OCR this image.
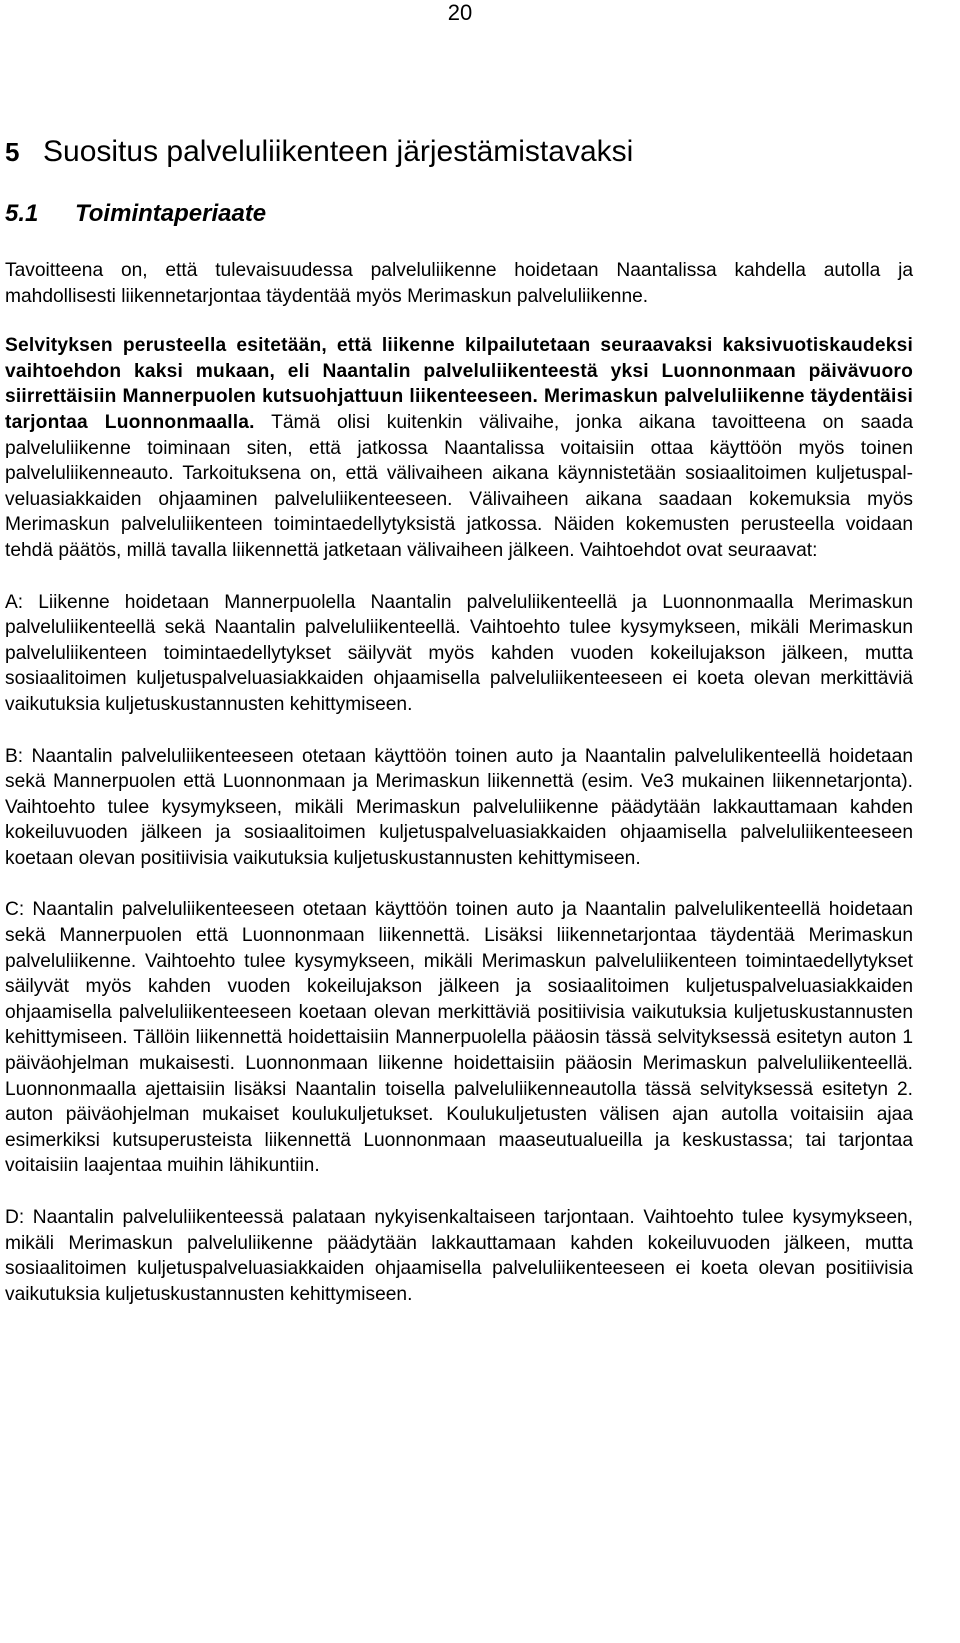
20
5 Suositus palveluliikenteen järjestämistavaksi
5.1 Toimintaperiaate

Tavoitteena on, että tulevaisuudessa palveluliikenne hoidetaan Naantalissa kahdella autolla ja mahdollisesti liikennetarjontaa täydentää myös Merimaskun palveluliikenne.

Selvityksen perusteella esitetään, että liikenne kilpailutetaan seuraavaksi kaksivuotiskaudeksi vaihtoehdon kaksi mukaan, eli Naantalin palveluliikenteestä yksi Luonnonmaan päivävuoro siirrettäisiin Mannerpuolen kutsuohjattuun liikenteeseen. Merimaskun palveluliikenne täydentäisi tarjontaa Luonnonmaalla. Tämä olisi kuitenkin välivaihe, jonka aikana tavoitteena on saada palveluliikenne toiminaan siten, että jatkossa Naantalissa voitaisiin ottaa käyttöön myös toinen palveluliikenneauto. Tarkoituksena on, että välivaiheen aikana käynnistetään sosiaalitoimen kuljetuspalveluasiakkaiden ohjaaminen palveluliikenteeseen. Välivaiheen aikana saadaan kokemuksia myös Merimaskun palveluliikenteen toimintaedellytyksistä jatkossa. Näiden kokemusten perusteella voidaan tehdä päätös, millä tavalla liikennettä jatketaan välivaiheen jälkeen. Vaihtoehdot ovat seuraavat:

A: Liikenne hoidetaan Mannerpuolella Naantalin palveluliikenteellä ja Luonnonmaalla Merimaskun palveluliikenteellä sekä Naantalin palveluliikenteellä. Vaihtoehto tulee kysymykseen, mikäli Merimaskun palveluliikenteen toimintaedellytykset säilyvät myös kahden vuoden kokeilujakson jälkeen, mutta sosiaalitoimen kuljetuspalveluasiakkaiden ohjaamisella palveluliikenteeseen ei koeta olevan merkittäviä vaikutuksia kuljetuskustannusten kehittymiseen.

B: Naantalin palveluliikenteeseen otetaan käyttöön toinen auto ja Naantalin palvelulikenteellä hoidetaan sekä Mannerpuolen että Luonnonmaan ja Merimaskun liikennettä (esim. Ve3 mukainen liikennetarjonta). Vaihtoehto tulee kysymykseen, mikäli Merimaskun palveluliikenne päädytään lakkauttamaan kahden kokeiluvuoden jälkeen ja sosiaalitoimen kuljetuspalveluasiakkaiden ohjaamisella palveluliikenteeseen koetaan olevan positiivisia vaikutuksia kuljetuskustannusten kehittymiseen.

C: Naantalin palveluliikenteeseen otetaan käyttöön toinen auto ja Naantalin palvelulikenteellä hoidetaan sekä Mannerpuolen että Luonnonmaan liikennettä. Lisäksi liikennetarjontaa täydentää Merimaskun palveluliikenne. Vaihtoehto tulee kysymykseen, mikäli Merimaskun palveluliikenteen toimintaedellytykset säilyvät myös kahden vuoden kokeilujakson jälkeen ja sosiaalitoimen kuljetuspalveluasiakkaiden ohjaamisella palveluliikenteeseen koetaan olevan merkittäviä positiivisia vaikutuksia kuljetuskustannusten kehittymiseen. Tällöin liikennettä hoidettaisiin Mannerpuolella pääosin tässä selvityksessä esitetyn auton 1 päiväohjelman mukaisesti. Luonnonmaan liikenne hoidettaisiin pääosin Merimaskun palveluliikenteellä. Luonnonmaalla ajettaisiin lisäksi Naantalin toisella palveluliikenneautolla tässä selvityksessä esitetyn 2. auton päiväohjelman mukaiset koulukuljetukset. Koulukuljetusten välisen ajan autolla voitaisiin ajaa esimerkiksi kutsuperusteista liikennettä Luonnonmaan maaseutualueilla ja keskustassa; tai tarjontaa voitaisiin laajentaa muihin lähikuntiin.

D: Naantalin palveluliikenteessä palataan nykyisenkaltaiseen tarjontaan. Vaihtoehto tulee kysymykseen, mikäli Merimaskun palveluliikenne päädytään lakkauttamaan kahden kokeiluvuoden jälkeen, mutta sosiaalitoimen kuljetuspalveluasiakkaiden ohjaamisella palveluliikenteeseen ei koeta olevan positiivisia vaikutuksia kuljetuskustannusten kehittymiseen.
